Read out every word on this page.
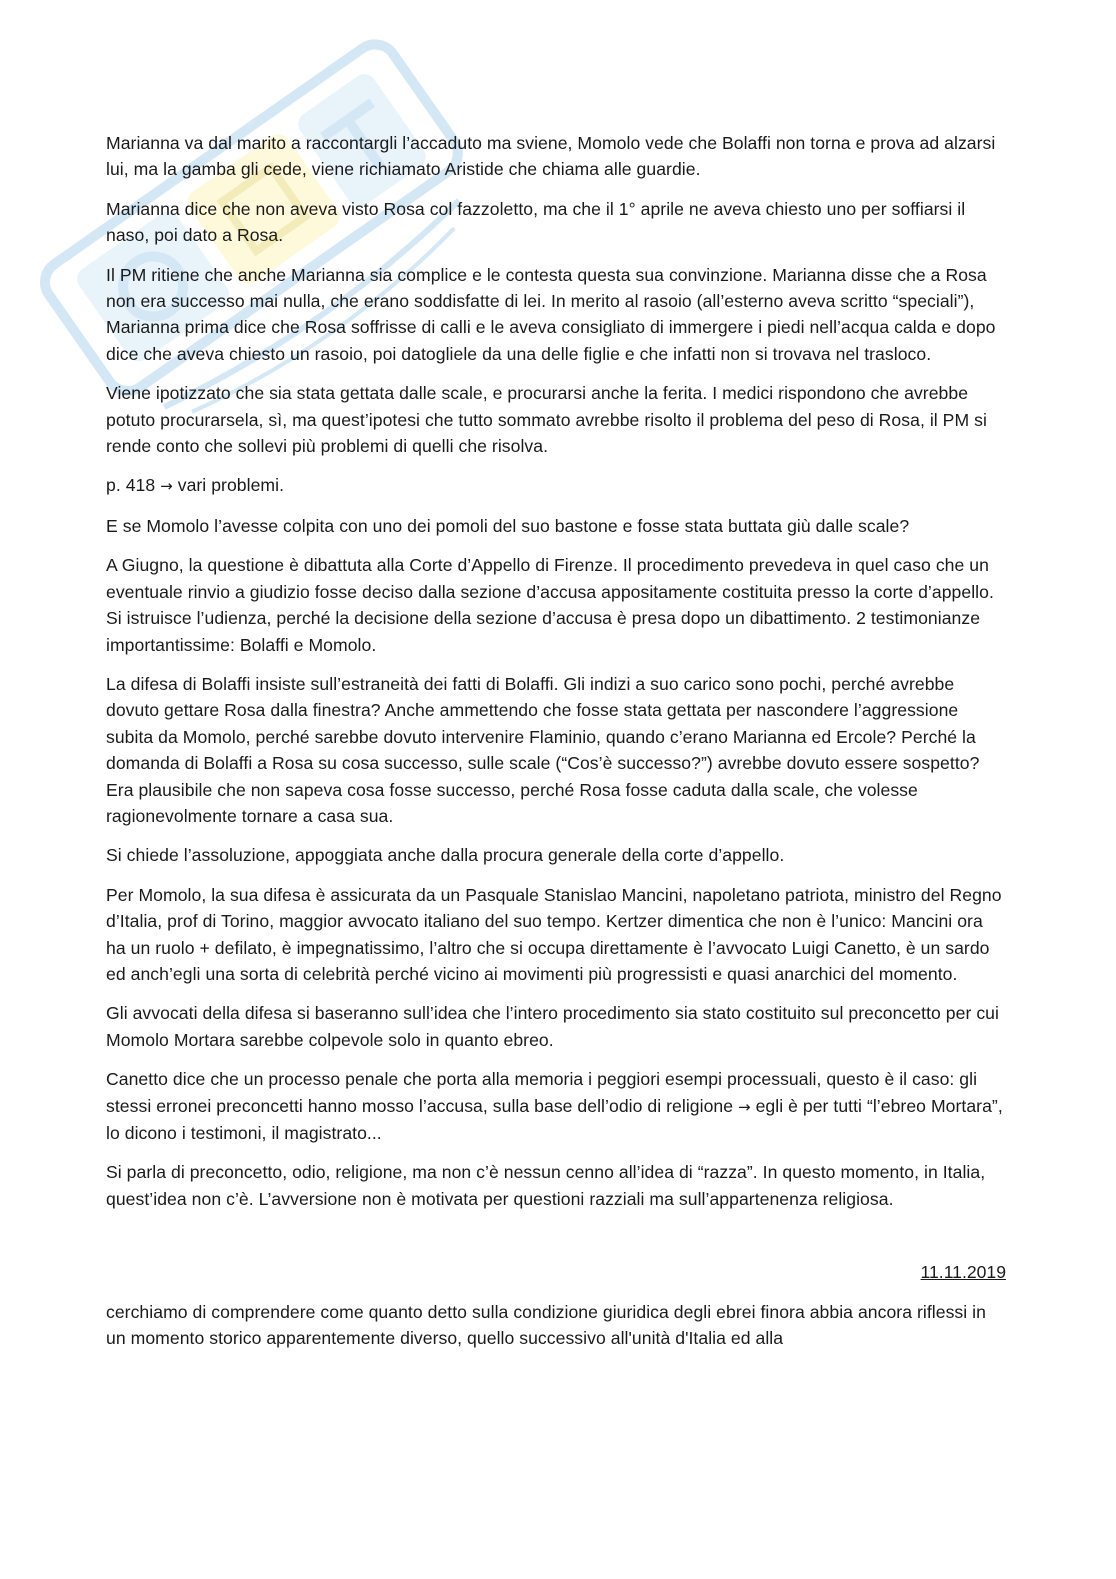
Marianna va dal marito a raccontargli l’accaduto ma sviene, Momolo vede che Bolaffi non torna e prova ad alzarsi lui, ma la gamba gli cede, viene richiamato Aristide che chiama alle guardie.

Marianna dice che non aveva visto Rosa col fazzoletto, ma che il 1° aprile ne aveva chiesto uno per soffiarsi il naso, poi dato a Rosa.

Il PM ritiene che anche Marianna sia complice e le contesta questa sua convinzione. Marianna disse che a Rosa non era successo mai nulla, che erano soddisfatte di lei. In merito al rasoio (all’esterno aveva scritto “speciali”), Marianna prima dice che Rosa soffrisse di calli e le aveva consigliato di immergere i piedi nell’acqua calda e dopo dice che aveva chiesto un rasoio, poi datogliele da una delle figlie e che infatti non si trovava nel trasloco.

Viene ipotizzato che sia stata gettata dalle scale, e procurarsi anche la ferita. I medici rispondono che avrebbe potuto procurarsela, sì, ma quest’ipotesi che tutto sommato avrebbe risolto il problema del peso di Rosa, il PM si rende conto che sollevi più problemi di quelli che risolva.

p. 418 → vari problemi.

E se Momolo l’avesse colpita con uno dei pomoli del suo bastone e fosse stata buttata giù dalle scale?

A Giugno, la questione è dibattuta alla Corte d’Appello di Firenze. Il procedimento prevedeva in quel caso che un eventuale rinvio a giudizio fosse deciso dalla sezione d’accusa appositamente costituita presso la corte d’appello. Si istruisce l’udienza, perché la decisione della sezione d’accusa è presa dopo un dibattimento. 2 testimonianze importantissime: Bolaffi e Momolo.

La difesa di Bolaffi insiste sull’estraneità dei fatti di Bolaffi. Gli indizi a suo carico sono pochi, perché avrebbe dovuto gettare Rosa dalla finestra? Anche ammettendo che fosse stata gettata per nascondere l’aggressione subita da Momolo, perché sarebbe dovuto intervenire Flaminio, quando c’erano Marianna ed Ercole? Perché la domanda di Bolaffi a Rosa su cosa successo, sulle scale (“Cos’è successo?”) avrebbe dovuto essere sospetto? Era plausibile che non sapeva cosa fosse successo, perché Rosa fosse caduta dalla scale, che volesse ragionevolmente tornare a casa sua.

Si chiede l’assoluzione, appoggiata anche dalla procura generale della corte d’appello.

Per Momolo, la sua difesa è assicurata da un Pasquale Stanislao Mancini, napoletano patriota, ministro del Regno d’Italia, prof di Torino, maggior avvocato italiano del suo tempo. Kertzer dimentica che non è l’unico: Mancini ora ha un ruolo + defilato, è impegnatissimo, l’altro che si occupa direttamente è l’avvocato Luigi Canetto, è un sardo ed anch’egli una sorta di celebrità perché vicino ai movimenti più progressisti e quasi anarchici del momento.

Gli avvocati della difesa si baseranno sull’idea che l’intero procedimento sia stato costituito sul preconcetto per cui Momolo Mortara sarebbe colpevole solo in quanto ebreo.

Canetto dice che un processo penale che porta alla memoria i peggiori esempi processuali, questo è il caso: gli stessi erronei preconcetti hanno mosso l’accusa, sulla base dell’odio di religione → egli è per tutti “l’ebreo Mortara”, lo dicono i testimoni, il magistrato...

Si parla di preconcetto, odio, religione, ma non c’è nessun cenno all’idea di “razza”. In questo momento, in Italia, quest’idea non c’è. L’avversione non è motivata per questioni razziali ma sull’appartenenza religiosa.

11.11.2019

cerchiamo di comprendere come quanto detto sulla condizione giuridica degli ebrei finora abbia ancora riflessi in un momento storico apparentemente diverso, quello successivo all'unità d'Italia ed alla
